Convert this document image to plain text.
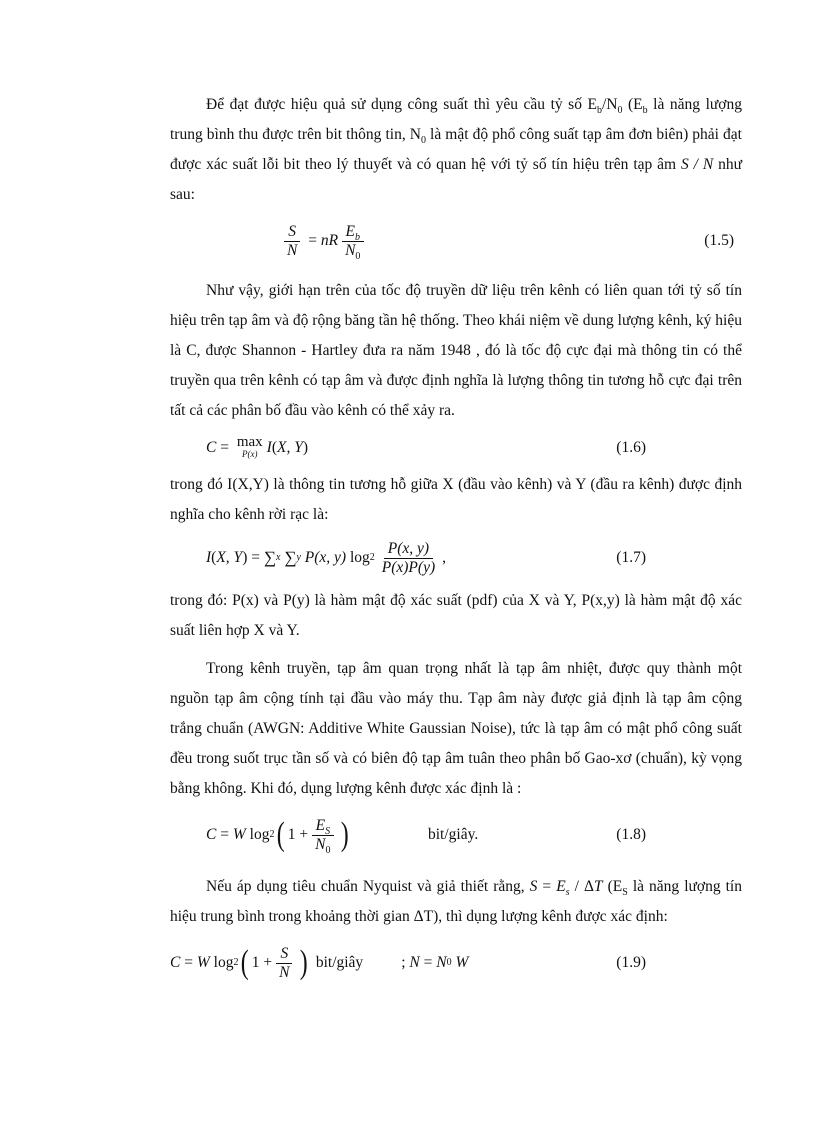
Để đạt được hiệu quả sử dụng công suất thì yêu cầu tỷ số $E_b/N_0$ ($E_b$ là năng lượng trung bình thu được trên bit thông tin, $N_0$ là mật độ phổ công suất tạp âm đơn biên) phải đạt được xác suất lỗi bit theo lý thuyết và có quan hệ với tỷ số tín hiệu trên tạp âm S / N như sau:

$\frac{S}{N}$ = nR $\frac{E_b}{N_0}$	(1.5)

Như vậy, giới hạn trên của tốc độ truyền dữ liệu trên kênh có liên quan tới tỷ số tín hiệu trên tạp âm và độ rộng băng tần hệ thống. Theo khái niệm về dung lượng kênh, ký hiệu là C, được Shannon - Hartley đưa ra năm 1948 , đó là tốc độ cực đại mà thông tin có thể truyền qua trên kênh có tạp âm và được định nghĩa là lượng thông tin tương hỗ cực đại trên tất cả các phân bố đầu vào kênh có thể xảy ra.

C = max
P(x) I ( X, Y )	(1.6)

trong đó I(X,Y) là thông tin tương hỗ giữa X (đầu vào kênh) và Y (đầu ra kênh) được định nghĩa cho kênh rời rạc là:

I ( X, Y ) = ∑ x
∑ y P(x, y) $\log 2 \frac{P(x, y)}{P(x)P(y)}$ ,	(1.7)

trong đó: P(x) và P(y) là hàm mật độ xác suất (pdf) của X và Y, P(x,y) là hàm mật độ xác suất liên hợp X và Y.

Trong kênh truyền, tạp âm quan trọng nhất là tạp âm nhiệt, được quy thành một nguồn tạp âm cộng tính tại đầu vào máy thu. Tạp âm này được giả định là tạp âm cộng trắng chuẩn (AWGN: Additive White Gaussian Noise), tức là tạp âm có mật phổ công suất đều trong suốt trục tần số và có biên độ tạp âm tuân theo phân bố Gao-xơ (chuẩn), kỳ vọng bằng không. Khi đó, dụng lượng kênh được xác định là :

C = W log 2 ( $1 + \frac{E_S}{N_0}$ )	bit/giây.	(1.8)

Nếu áp dụng tiêu chuẩn Nyquist và giả thiết rằng, $S = E_s / \Delta T$ ($E_S$ là năng lượng tín hiệu trung bình trong khoảng thời gian ΔT), thì dụng lượng kênh được xác định:

C = W log 2 ( $1 + \frac{S}{N}$ ) bit/giây ; N = N 0 W	(1.9)
